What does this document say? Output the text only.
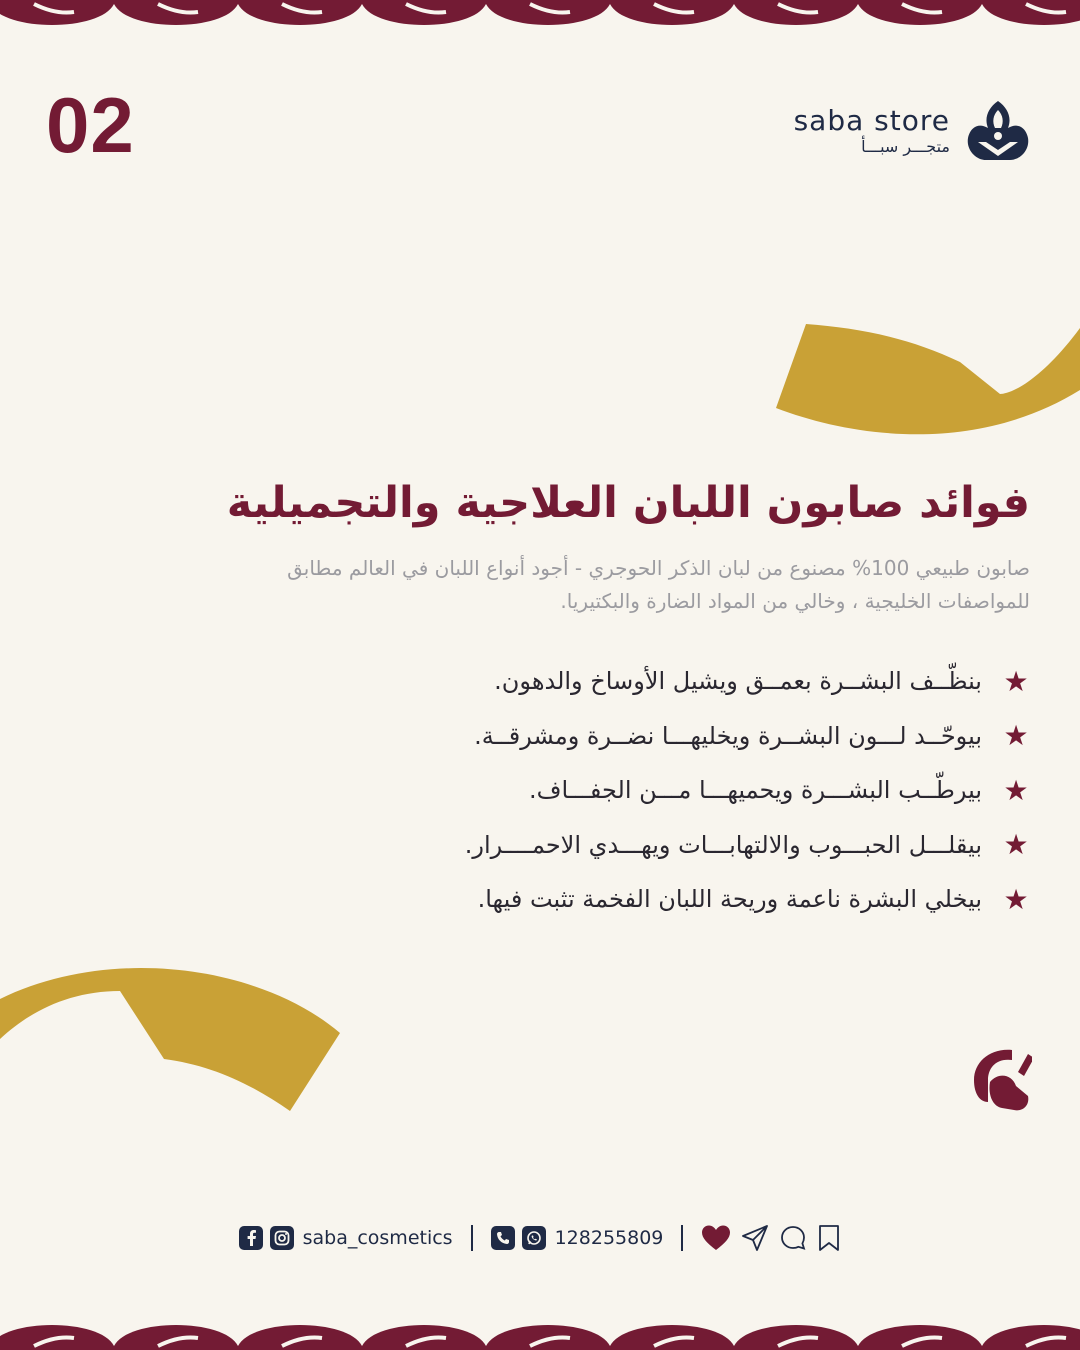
02	saba store
متجـــر سبـــأ
فوائد صابون اللبان العلاجية والتجميلية
صابون طبيعي 100% مصنوع من لبان الذكر الحوجري - أجود أنواع اللبان في العالم مطابق للمواصفات الخليجية ، وخالي من المواد الضارة والبكتيريا.
★
بنظّــف البشــرة بعمــق ويشيل الأوساخ والدهون.
★
بيوحّــد لـــون البشــرة ويخليهـــا نضــرة ومشرقــة.
★
بيرطّــب البشـــرة ويحميهـــا مـــن الجفـــاف.
★
بيقلـــل الحبـــوب والالتهابـــات ويهـــدي الاحمــــرار.
★
بيخلي البشرة ناعمة وريحة اللبان الفخمة تثبت فيها.
saba_cosmetics	128255809
